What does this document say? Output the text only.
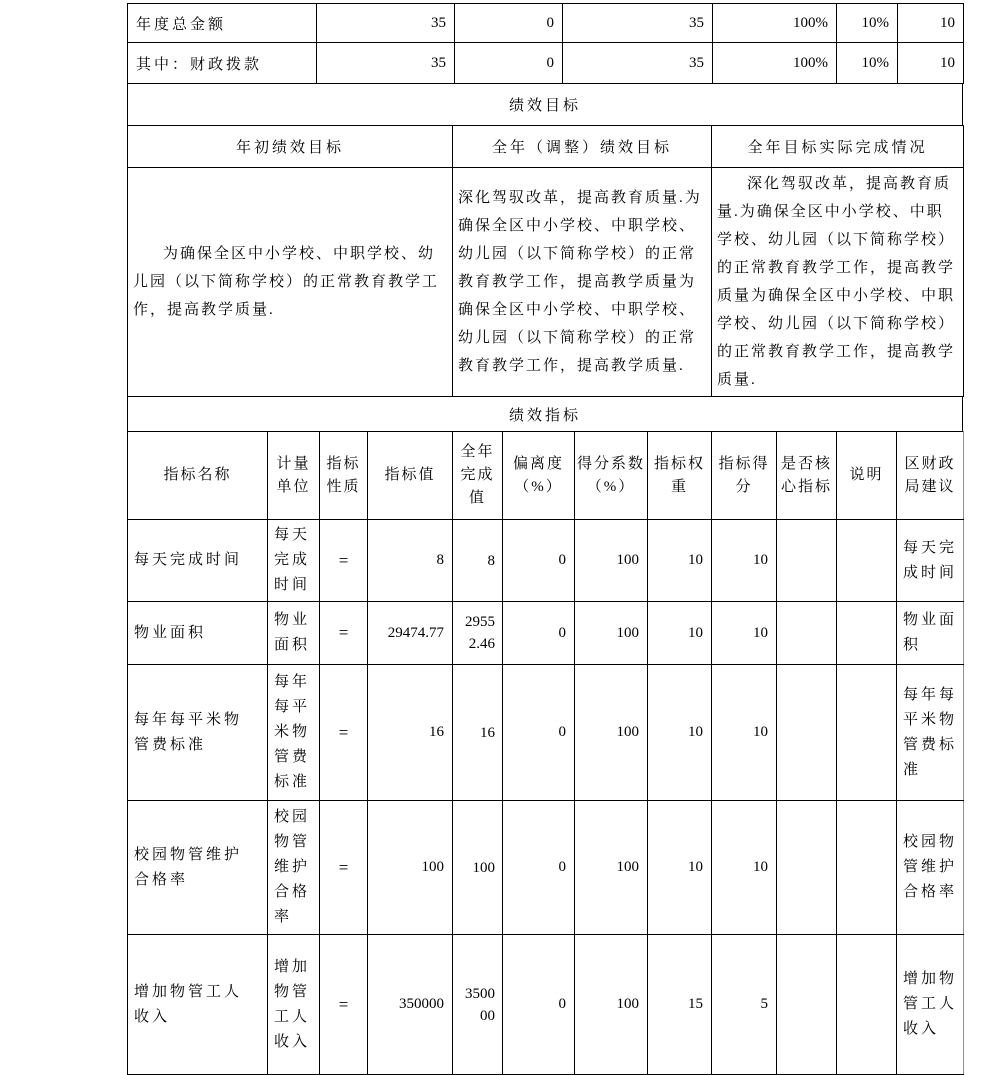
年度总金额	35	0	35	100%	10%	10
其中：财政拨款	35	0	35	100%	10%	10
绩效目标
年初绩效目标	全年（调整）绩效目标	全年目标实际完成情况
为确保全区中小学校、中职学校、幼儿园（以下简称学校）的正常教育教学工作，提高教学质量.	深化驾驭改革，提高教育质量.为确保全区中小学校、中职学校、幼儿园（以下简称学校）的正常教育教学工作，提高教学质量为确保全区中小学校、中职学校、幼儿园（以下简称学校）的正常教育教学工作，提高教学质量.	深化驾驭改革，提高教育质量.为确保全区中小学校、中职学校、幼儿园（以下简称学校）的正常教育教学工作，提高教学质量为确保全区中小学校、中职学校、幼儿园（以下简称学校）的正常教育教学工作，提高教学质量.
绩效指标
指标名称	计量单位	指标性质	指标值	全年完成值	偏离度（%）	得分系数（%）	指标权重	指标得分	是否核心指标	说明	区财政局建议
每天完成时间	每天完成时间	=	8	8	0	100	10	10			每天完成时间
物业面积	物业面积	=	29474.77	29552.46	0	100	10	10			物业面积
每年每平米物管费标准	每年每平米物管费标准	=	16	16	0	100	10	10			每年每平米物管费标准
校园物管维护合格率	校园物管维护合格率	=	100	100	0	100	10	10			校园物管维护合格率
增加物管工人收入	增加物管工人收入	=	350000	350000	0	100	15	5			增加物管工人收入
